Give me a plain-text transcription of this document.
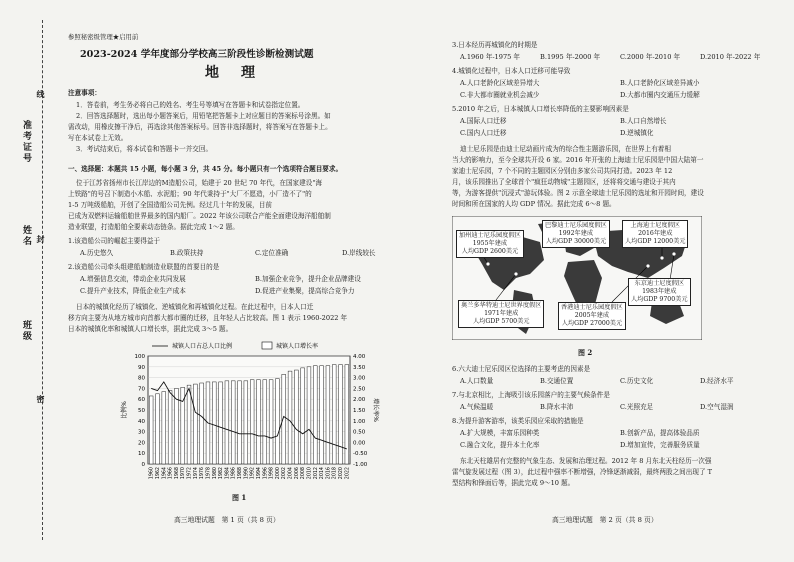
准考证号
姓名
班级
密
封
线
参照秘密级管理★启用前
2023-2024 学年度部分学校高三阶段性诊断检测试题
地　理
注意事项：
1．答卷前，考生务必将自己的姓名、考生号等填写在答题卡和试卷指定位置。
2．回答选择题时，选出每小题答案后，用铅笔把答题卡上对应题目的答案标号涂黑。如
需改动，用橡皮擦干净后，再选涂其他答案标号。回答非选择题时，将答案写在答题卡上。
写在本试卷上无效。
3．考试结束后，将本试卷和答题卡一并交回。
一、选择题：本题共 15 小题，每小题 3 分，共 45 分。每小题只有一个选项符合题目要求。
位于江苏省扬州市长江岸边的M造船公司，始建于 20 世纪 70 年代，在国家建设"海
上铁路"的号召下制造小木船、水泥船；90 年代秉持于"大厂不愿造，小厂造不了"的
1-5 万吨级船舶，开创了全国造船公司先例。经过几十年的发展，目前
已成为双燃料运输船舶世界最多的国内船厂。2022 年该公司联合产能全面建设海洋船舶制
造业联盟，打造船舶全要素动态链条。据此完成 1～2 题。
1.该造船公司的崛起主要得益于
A.历史悠久	B.政策扶持	C.定位准确	D.岸线较长
2.该造船公司牵头组建船舶制造业联盟的首要目的是
A.增强信息交流，带动企业共同发展	B.加强企业竞争，提升企业品牌建设
C.提升产业技术，降低企业生产成本	D.促进产业集聚，提高综合竞争力
日本的城镇化经历了城镇化、逆城镇化和再城镇化过程。在此过程中，日本人口迁
移方向主要为从地方城市向首都大都市圈的迁移，且年轻人占比较高。图 1 表示 1960-2022 年
日本的城镇化率和城镇人口增长率，据此完成 3～5 题。
城镇人口占总人口比例	城镇人口增长率
100
90
80
70
60
50
40
30
20
10
0
4.00
3.50
3.00
2.50
2.00
1.50
1.00
0.50
0.00
-0.50
-1.00
比例%	增长率%
1960 1962 1964 1966 1968 1970 1972 1974 1976 1978 1980 1982 1984 1986 1988 1990 1992 1994 1996 1998 2000 2002 2004 2006 2008 2010 2012 2014 2016 2018 2020 2022
图 1
高三地理试题　第 1 页（共 8 页）
3.日本经历再城镇化的时期是
A.1960 年-1975 年	B.1995 年-2000 年	C.2000 年-2010 年	D.2010 年-2022 年
4.城镇化过程中，日本人口迁移可能导致
A.人口老龄化区域差异增大	B.人口老龄化区域差异减小
C.非大都市圈就业机会减少	D.大都市圈内交通压力缓解
5.2010 年之后，日本城镇人口增长率降低的主要影响因素是
A.国际人口迁移	B.人口自然增长
C.国内人口迁移	D.逆城镇化
迪士尼乐园是由迪士尼动画片成为的综合性主题游乐园，在世界上有着相
当大的影响力，至今全球共开设 6 家。2016 年开张的上海迪士尼乐园是中国大陆第一
家迪士尼乐园，7 个不同的主题园区分别由多家公司共同打造。2023 年 12
月，该乐园推出了全球首个"疯狂动物城"主题园区，还将将交通与建设于其内
等，为游客提供"沉浸式"游玩体验。图 2 示意全球迪士尼乐园的选址和开园时间，建设
时间和所在国家的人均 GDP 情况。据此完成 6～8 题。
加州迪士尼乐园度假区
1955年建成
人均GDP 2600美元
巴黎迪士尼乐园度假区
1992年建成
人均GDP 30000美元
上海迪士尼度假区
2016年建成
人均GDP 12000美元
奥兰多华特迪士尼世界度假区
1971年建成
人均GDP 5700美元
香港迪士尼乐园度假区
2005年建成
人均GDP 27000美元
东京迪士尼度假区
1983年建成
人均GDP 9700美元
图 2
6.六大迪士尼乐园区位选择的主要考虑的因素是
A.人口数量	B.交通位置	C.历史文化	D.经济水平
7.与北京相比，上海吸引该乐园落户的主要气候条件是
A.气候温暖	B.降水丰沛	C.光照充足	D.空气湿润
8.为提升游客游率，该类乐园应采取的措施是
A.扩大规模，丰富乐园种类	B.创新产品，提高体验品质
C.融合文化，提升本土化率	D.增加宣传，完善服务质量
东北天柱雄居有完整的气象生态、发展和治理过程。2012 年 8 月东北天柱经历一次强
雷气旋发展过程（图 3），此过程中强率不断增强，冷锋逐渐减弱，最终两股之间出现了 T
型结构和锋面后等，据此完成 9～10 题。
高三地理试题　第 2 页（共 8 页）
